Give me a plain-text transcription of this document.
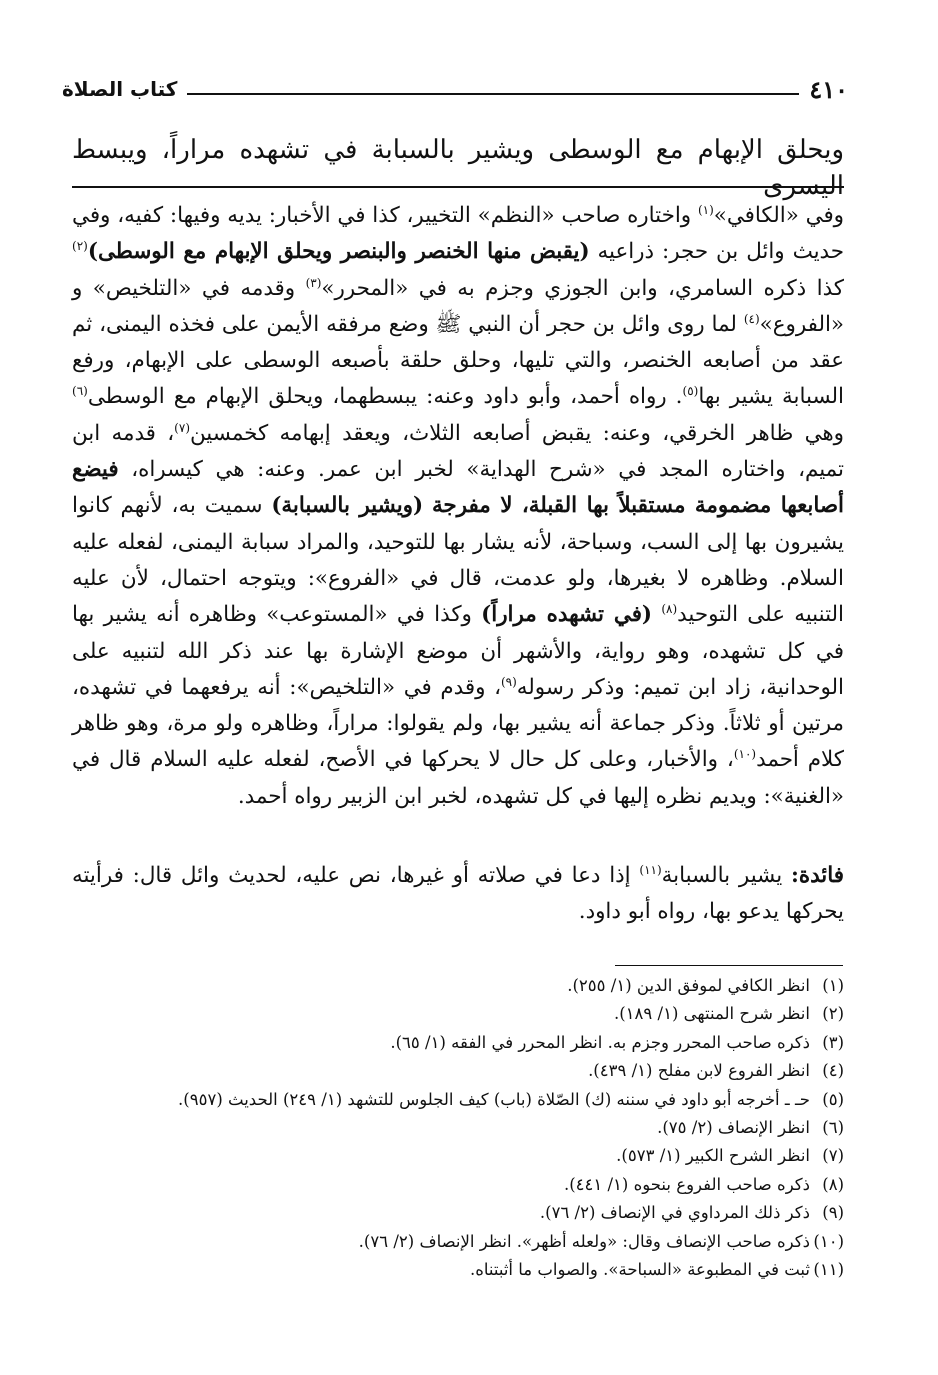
٤١٠
كتاب الصلاة

ويحلق الإبهام مع الوسطى ويشير بالسبابة في تشهده مراراً، ويبسط اليسرى

وفي «الكافي»$^{(١)}$ واختاره صاحب «النظم» التخيير، كذا في الأخبار: يديه وفيها: كفيه، وفي حديث وائل بن حجر: ذراعيه (يقبض منها الخنصر والبنصر ويحلق الإبهام مع الوسطى)$^{(٢)}$ كذا ذكره السامري، وابن الجوزي وجزم به في «المحرر»$^{(٣)}$ وقدمه في «التلخيص» و «الفروع»$^{(٤)}$ لما روى وائل بن حجر أن النبي ﷺ وضع مرفقه الأيمن على فخذه اليمنى، ثم عقد من أصابعه الخنصر، والتي تليها، وحلق حلقة بأصبعه الوسطى على الإبهام، ورفع السبابة يشير بها$^{(٥)}$. رواه أحمد، وأبو داود وعنه: يبسطهما، ويحلق الإبهام مع الوسطى$^{(٦)}$ وهي ظاهر الخرقي، وعنه: يقبض أصابعه الثلاث، ويعقد إبهامه كخمسين$^{(٧)}$، قدمه ابن تميم، واختاره المجد في «شرح الهداية» لخبر ابن عمر. وعنه: هي كيسراه، فيضع أصابعها مضمومة مستقبلاً بها القبلة، لا مفرجة (ويشير بالسبابة) سميت به، لأنهم كانوا يشيرون بها إلى السب، وسباحة، لأنه يشار بها للتوحيد، والمراد سبابة اليمنى، لفعله عليه السلام. وظاهره لا بغيرها، ولو عدمت، قال في «الفروع»: ويتوجه احتمال، لأن عليه التنبيه على التوحيد$^{(٨)}$ (في تشهده مراراً) وكذا في «المستوعب» وظاهره أنه يشير بها في كل تشهده، وهو رواية، والأشهر أن موضع الإشارة بها عند ذكر الله لتنبيه على الوحدانية، زاد ابن تميم: وذكر رسوله$^{(٩)}$، وقدم في «التلخيص»: أنه يرفعهما في تشهده، مرتين أو ثلاثاً. وذكر جماعة أنه يشير بها، ولم يقولوا: مراراً، وظاهره ولو مرة، وهو ظاهر كلام أحمد$^{(١٠)}$، والأخبار، وعلى كل حال لا يحركها في الأصح، لفعله عليه السلام قال في «الغنية»: ويديم نظره إليها في كل تشهده، لخبر ابن الزبير رواه أحمد.

فائدة: يشير بالسبابة$^{(١١)}$ إذا دعا في صلاته أو غيرها، نص عليه، لحديث وائل قال: فرأيته يحركها يدعو بها، رواه أبو داود.

(١)انظر الكافي لموفق الدين (١/ ٢٥٥).
(٢)انظر شرح المنتهى (١/ ١٨٩).
(٣)ذكره صاحب المحرر وجزم به. انظر المحرر في الفقه (١/ ٦٥).
(٤)انظر الفروع لابن مفلح (١/ ٤٣٩).
(٥)حـ ـ أخرجه أبو داود في سننه (ك) الصّلاة (باب) كيف الجلوس للتشهد (١/ ٢٤٩) الحديث (٩٥٧).
(٦)انظر الإنصاف (٢/ ٧٥).
(٧)انظر الشرح الكبير (١/ ٥٧٣).
(٨)ذكره صاحب الفروع بنحوه (١/ ٤٤١).
(٩)ذكر ذلك المرداوي في الإنصاف (٢/ ٧٦).
(١٠)ذكره صاحب الإنصاف وقال: «ولعله أظهر». انظر الإنصاف (٢/ ٧٦).
(١١)ثبت في المطبوعة «السباحة». والصواب ما أثبتناه.
